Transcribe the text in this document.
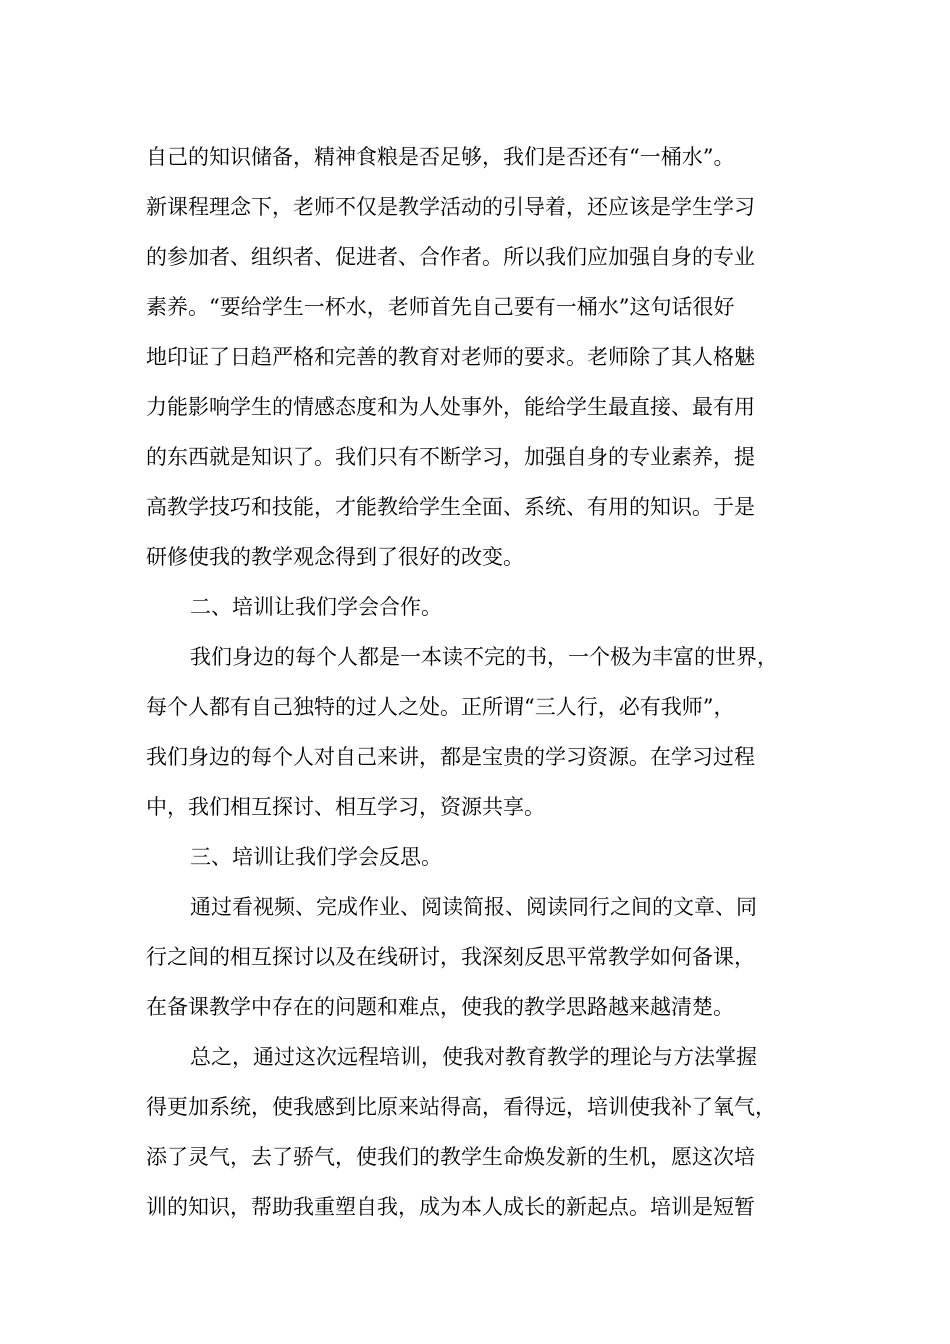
自己的知识储备，精神食粮是否足够，我们是否还有“一桶水”。
新课程理念下，老师不仅是教学活动的引导着，还应该是学生学习
的参加者、组织者、促进者、合作者。所以我们应加强自身的专业
素养。“要给学生一杯水，老师首先自己要有一桶水”这句话很好
地印证了日趋严格和完善的教育对老师的要求。老师除了其人格魅
力能影响学生的情感态度和为人处事外，能给学生最直接、最有用
的东西就是知识了。我们只有不断学习，加强自身的专业素养，提
高教学技巧和技能，才能教给学生全面、系统、有用的知识。于是
研修使我的教学观念得到了很好的改变。
二、培训让我们学会合作。
我们身边的每个人都是一本读不完的书，一个极为丰富的世界，
每个人都有自己独特的过人之处。正所谓“三人行，必有我师”，
我们身边的每个人对自己来讲，都是宝贵的学习资源。在学习过程
中，我们相互探讨、相互学习，资源共享。
三、培训让我们学会反思。
通过看视频、完成作业、阅读简报、阅读同行之间的文章、同
行之间的相互探讨以及在线研讨，我深刻反思平常教学如何备课，
在备课教学中存在的问题和难点，使我的教学思路越来越清楚。
总之，通过这次远程培训，使我对教育教学的理论与方法掌握
得更加系统，使我感到比原来站得高，看得远，培训使我补了氧气，
添了灵气，去了骄气，使我们的教学生命焕发新的生机，愿这次培
训的知识，帮助我重塑自我，成为本人成长的新起点。培训是短暂
